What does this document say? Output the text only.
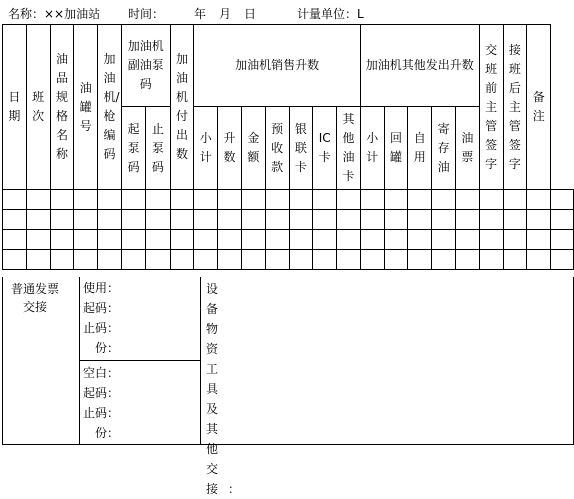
名称：××加油站 时间： 年 月 日	计量单位：L
日期	班次	油品规格名称	油罐号	加油机/枪编码	加油机副油泵码		加油机付出数	加油机销售升数							加油机其他发出升数					交班前主管签字	接班后主管签字	备注	

					起泵码	止泵码		小计	升数	金额	预收款	银联卡	IC卡	其他油卡	小计	回罐	自用	寄存油	油票				

普通发票
交接
使用：
起码：
止码：
份：
空白：
起码：
止码：
份：
设备物资工具及其他交接：
